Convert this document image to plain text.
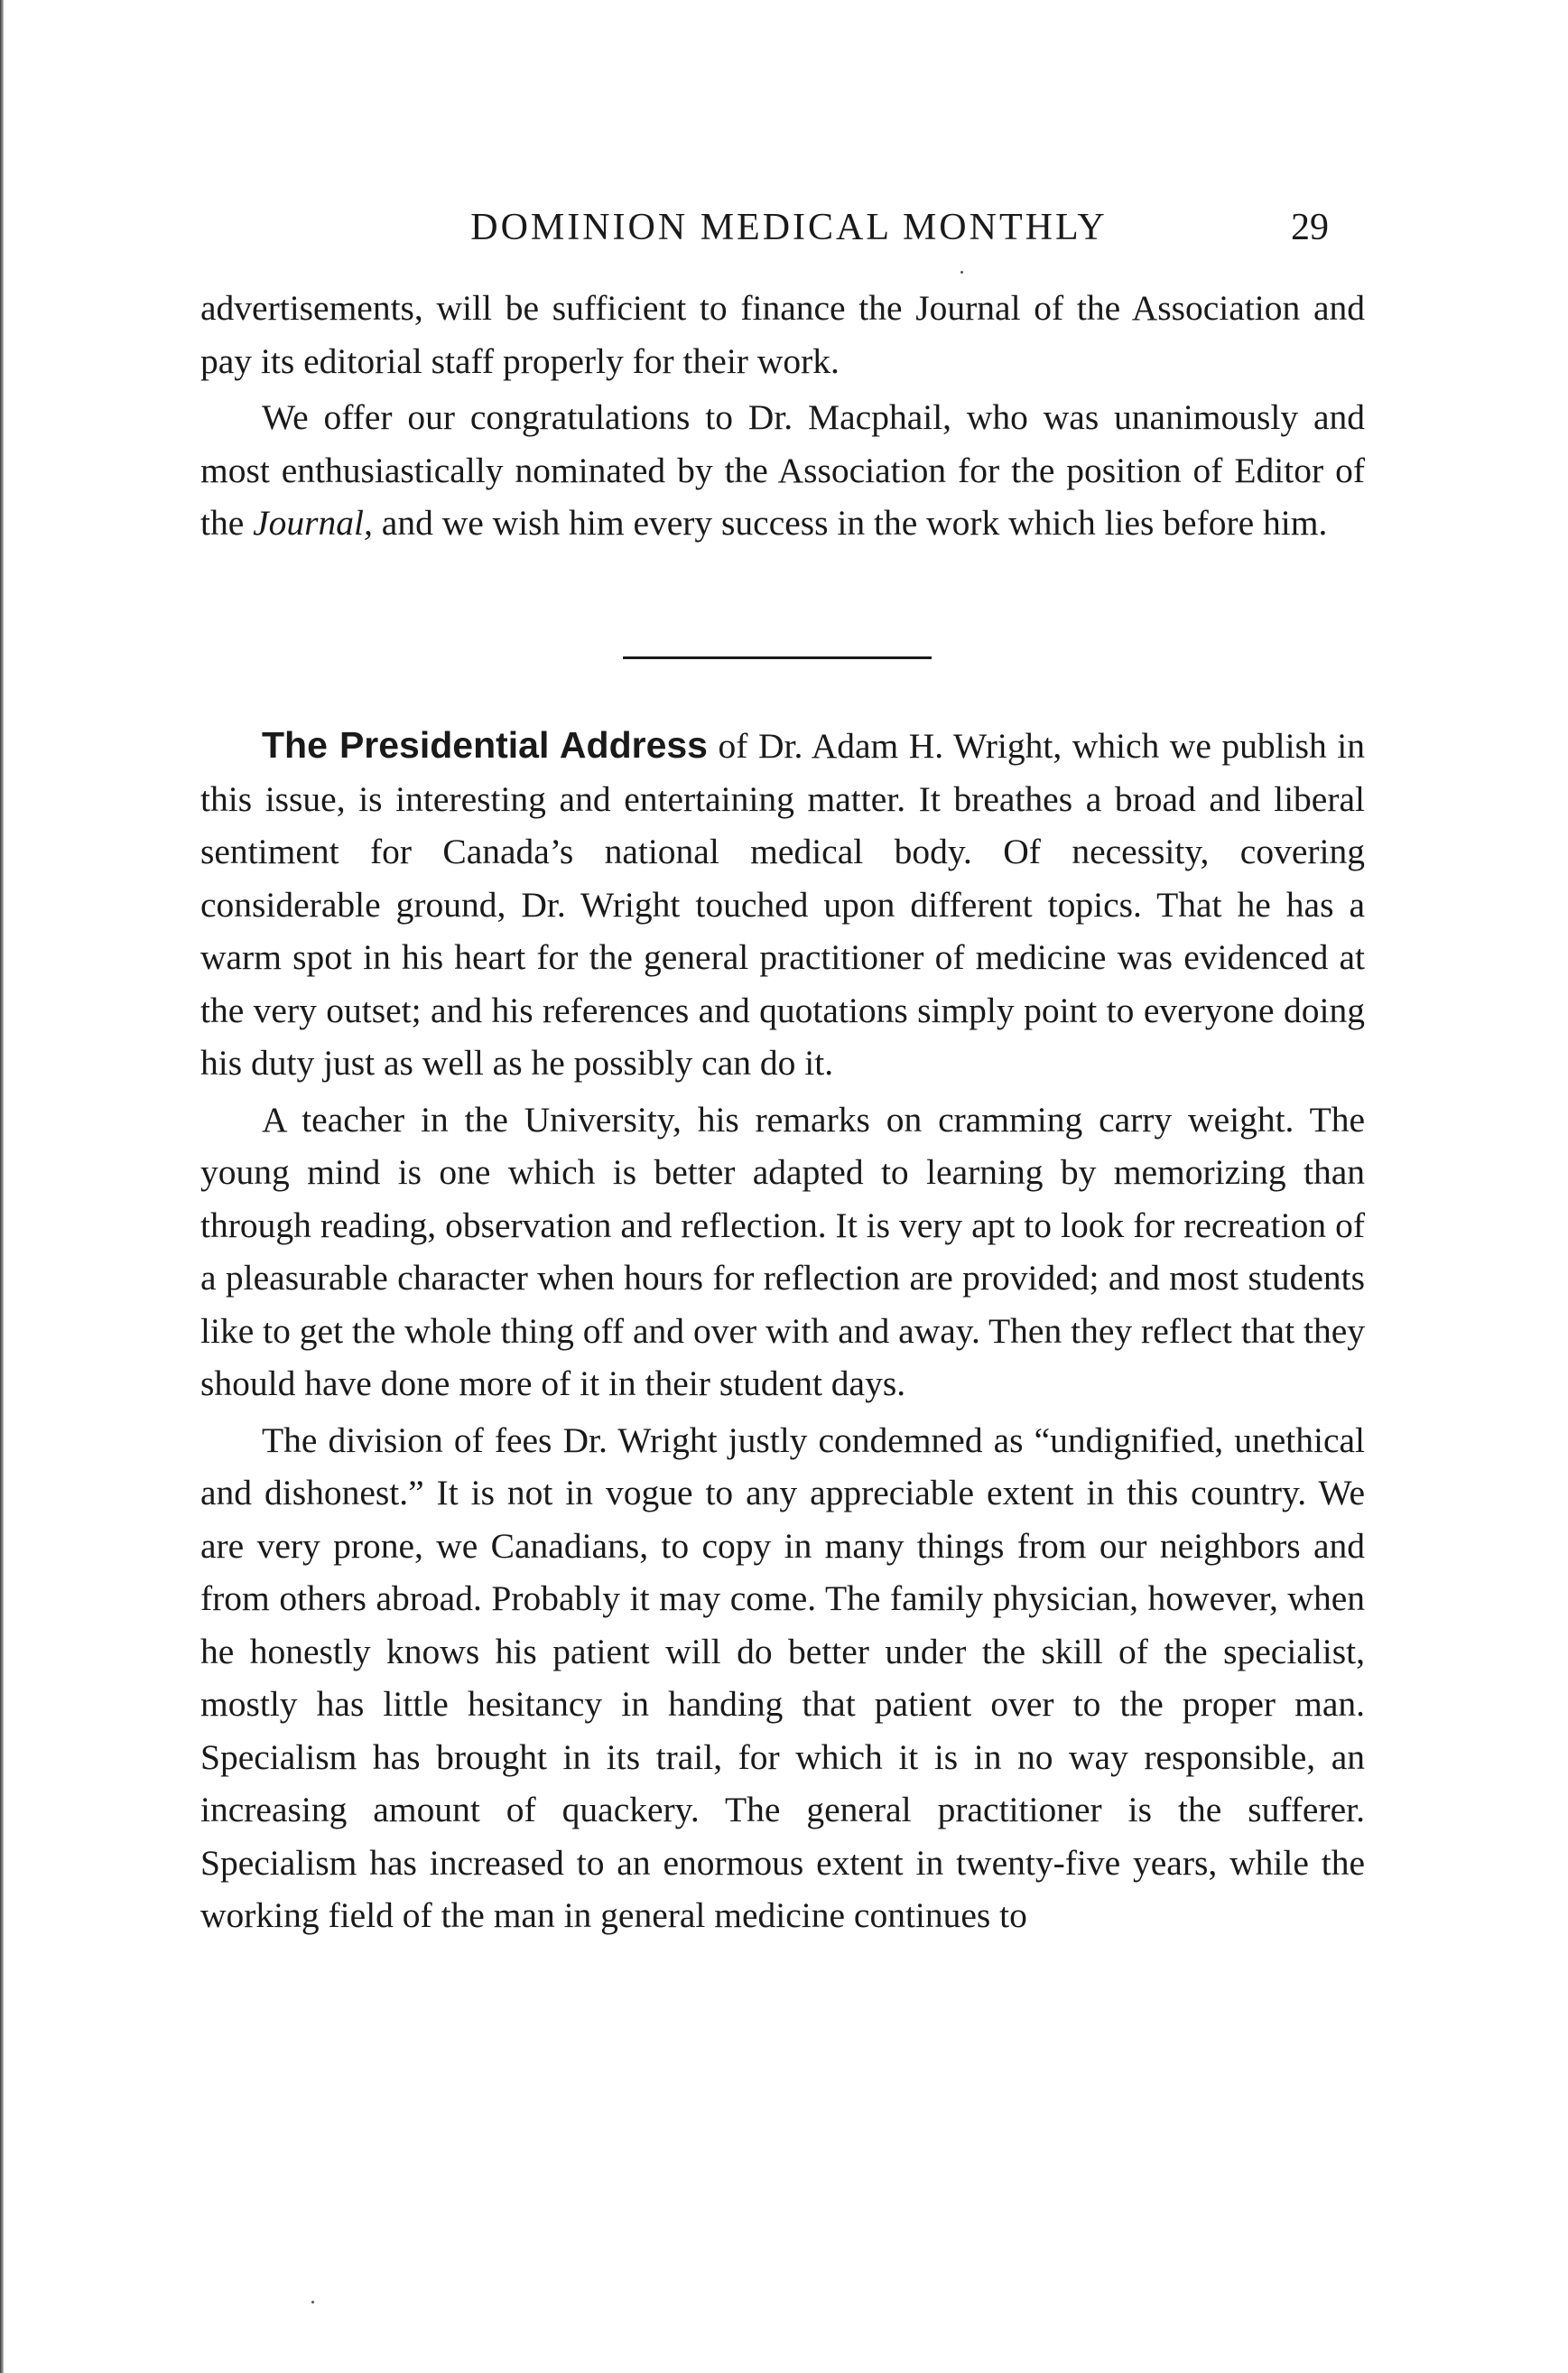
DOMINION MEDICAL MONTHLY	29

advertisements, will be sufficient to finance the Journal of the Association and pay its editorial staff properly for their work.

We offer our congratulations to Dr. Macphail, who was unanimously and most enthusiastically nominated by the Association for the position of Editor of the Journal, and we wish him every success in the work which lies before him.

The Presidential Address of Dr. Adam H. Wright, which we publish in this issue, is interesting and entertaining matter. It breathes a broad and liberal sentiment for Canada’s national medical body. Of necessity, covering considerable ground, Dr. Wright touched upon different topics. That he has a warm spot in his heart for the general practitioner of medicine was evidenced at the very outset; and his references and quotations simply point to everyone doing his duty just as well as he possibly can do it.

A teacher in the University, his remarks on cramming carry weight. The young mind is one which is better adapted to learning by memorizing than through reading, observation and reflection. It is very apt to look for recreation of a pleasurable character when hours for reflection are provided; and most students like to get the whole thing off and over with and away. Then they reflect that they should have done more of it in their student days.

The division of fees Dr. Wright justly condemned as “undignified, unethical and dishonest.” It is not in vogue to any appreciable extent in this country. We are very prone, we Canadians, to copy in many things from our neighbors and from others abroad. Probably it may come. The family physician, however, when he honestly knows his patient will do better under the skill of the specialist, mostly has little hesitancy in handing that patient over to the proper man. Specialism has brought in its trail, for which it is in no way responsible, an increasing amount of quackery. The general practitioner is the sufferer. Specialism has increased to an enormous extent in twenty-five years, while the working field of the man in general medicine continues to
